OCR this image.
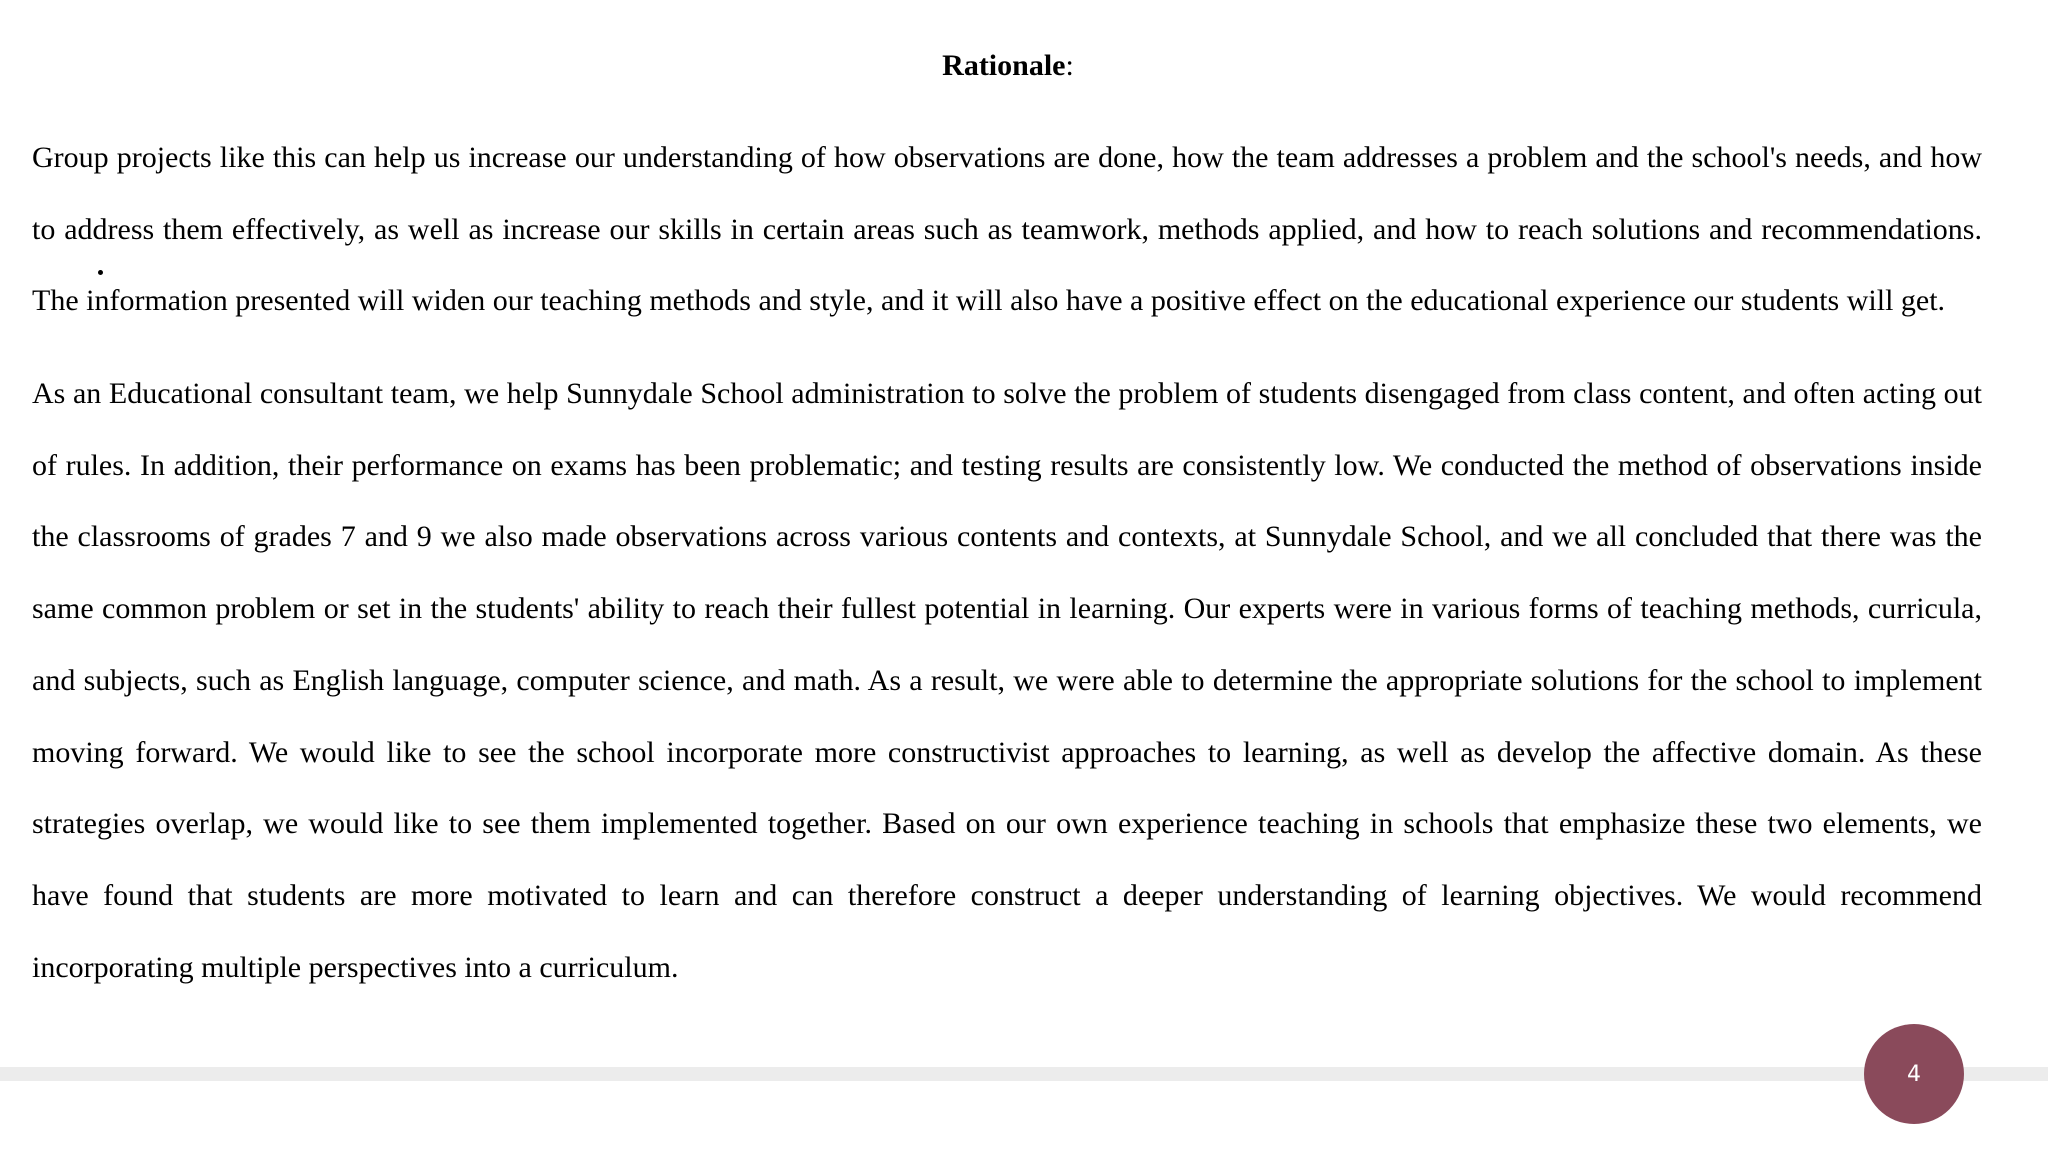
Rationale:

Group projects like this can help us increase our understanding of how observations are done, how the team addresses a problem and the school's needs, and how to address them effectively, as well as increase our skills in certain areas such as teamwork, methods applied, and how to reach solutions and recommendations. The information presented will widen our teaching methods and style, and it will also have a positive effect on the educational experience our students will get.

As an Educational consultant team, we help Sunnydale School administration to solve the problem of students disengaged from class content, and often acting out of rules. In addition, their performance on exams has been problematic; and testing results are consistently low. We conducted the method of observations inside the classrooms of grades 7 and 9 we also made observations across various contents and contexts, at Sunnydale School, and we all concluded that there was the same common problem or set in the students' ability to reach their fullest potential in learning. Our experts were in various forms of teaching methods, curricula, and subjects, such as English language, computer science, and math. As a result, we were able to determine the appropriate solutions for the school to implement moving forward. We would like to see the school incorporate more constructivist approaches to learning, as well as develop the affective domain. As these strategies overlap, we would like to see them implemented together. Based on our own experience teaching in schools that emphasize these two elements, we have found that students are more motivated to learn and can therefore construct a deeper understanding of learning objectives. We would recommend incorporating multiple perspectives into a curriculum.

4
